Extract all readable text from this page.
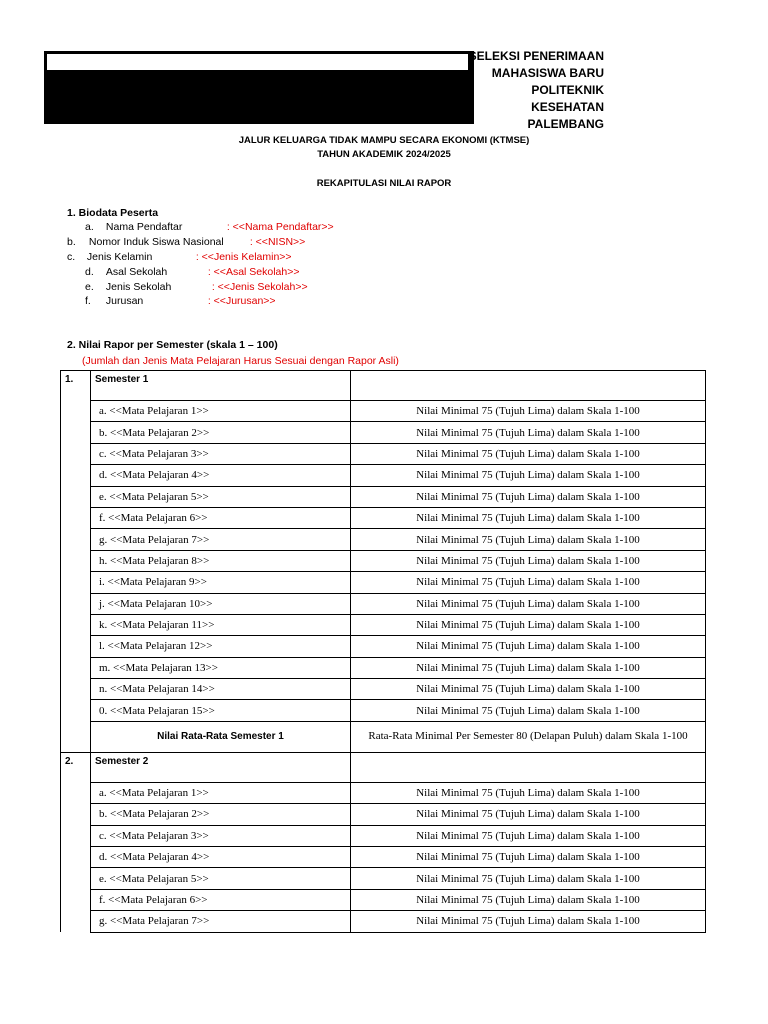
SELEKSI PENERIMAAN
MAHASISWA BARU
POLITEKNIK
KESEHATAN
PALEMBANG
JALUR KELUARGA TIDAK MAMPU SECARA EKONOMI (KTMSE)
TAHUN AKADEMIK 2024/2025
REKAPITULASI NILAI RAPOR
1. Biodata Peserta
a. Nama Pendaftar	: <<Nama Pendaftar>>
b. Nomor Induk Siswa Nasional : <<NISN>>
c. Jenis Kelamin	: <<Jenis Kelamin>>
d. Asal Sekolah	: <<Asal Sekolah>>
e. Jenis Sekolah	: <<Jenis Sekolah>>
f. Jurusan	: <<Jurusan>>
2. Nilai Rapor per Semester (skala 1 – 100)
(Jumlah dan Jenis Mata Pelajaran Harus Sesuai dengan Rapor Asli)
1.	Semester 1	
	a. <<Mata Pelajaran 1>>	Nilai Minimal 75 (Tujuh Lima) dalam Skala 1-100
	b. <<Mata Pelajaran 2>>	Nilai Minimal 75 (Tujuh Lima) dalam Skala 1-100
	c. <<Mata Pelajaran 3>>	Nilai Minimal 75 (Tujuh Lima) dalam Skala 1-100
	d. <<Mata Pelajaran 4>>	Nilai Minimal 75 (Tujuh Lima) dalam Skala 1-100
	e. <<Mata Pelajaran 5>>	Nilai Minimal 75 (Tujuh Lima) dalam Skala 1-100
	f. <<Mata Pelajaran 6>>	Nilai Minimal 75 (Tujuh Lima) dalam Skala 1-100
	g. <<Mata Pelajaran 7>>	Nilai Minimal 75 (Tujuh Lima) dalam Skala 1-100
	h. <<Mata Pelajaran 8>>	Nilai Minimal 75 (Tujuh Lima) dalam Skala 1-100
	i. <<Mata Pelajaran 9>>	Nilai Minimal 75 (Tujuh Lima) dalam Skala 1-100
	j. <<Mata Pelajaran 10>>	Nilai Minimal 75 (Tujuh Lima) dalam Skala 1-100
	k. <<Mata Pelajaran 11>>	Nilai Minimal 75 (Tujuh Lima) dalam Skala 1-100
	l. <<Mata Pelajaran 12>>	Nilai Minimal 75 (Tujuh Lima) dalam Skala 1-100
	m. <<Mata Pelajaran 13>>	Nilai Minimal 75 (Tujuh Lima) dalam Skala 1-100
	n. <<Mata Pelajaran 14>>	Nilai Minimal 75 (Tujuh Lima) dalam Skala 1-100
	0. <<Mata Pelajaran 15>>	Nilai Minimal 75 (Tujuh Lima) dalam Skala 1-100
	Nilai Rata-Rata Semester 1	Rata-Rata Minimal Per Semester 80 (Delapan Puluh) dalam Skala 1-100
2.	Semester 2	
	a. <<Mata Pelajaran 1>>	Nilai Minimal 75 (Tujuh Lima) dalam Skala 1-100
	b. <<Mata Pelajaran 2>>	Nilai Minimal 75 (Tujuh Lima) dalam Skala 1-100
	c. <<Mata Pelajaran 3>>	Nilai Minimal 75 (Tujuh Lima) dalam Skala 1-100
	d. <<Mata Pelajaran 4>>	Nilai Minimal 75 (Tujuh Lima) dalam Skala 1-100
	e. <<Mata Pelajaran 5>>	Nilai Minimal 75 (Tujuh Lima) dalam Skala 1-100
	f. <<Mata Pelajaran 6>>	Nilai Minimal 75 (Tujuh Lima) dalam Skala 1-100
	g. <<Mata Pelajaran 7>>	Nilai Minimal 75 (Tujuh Lima) dalam Skala 1-100
